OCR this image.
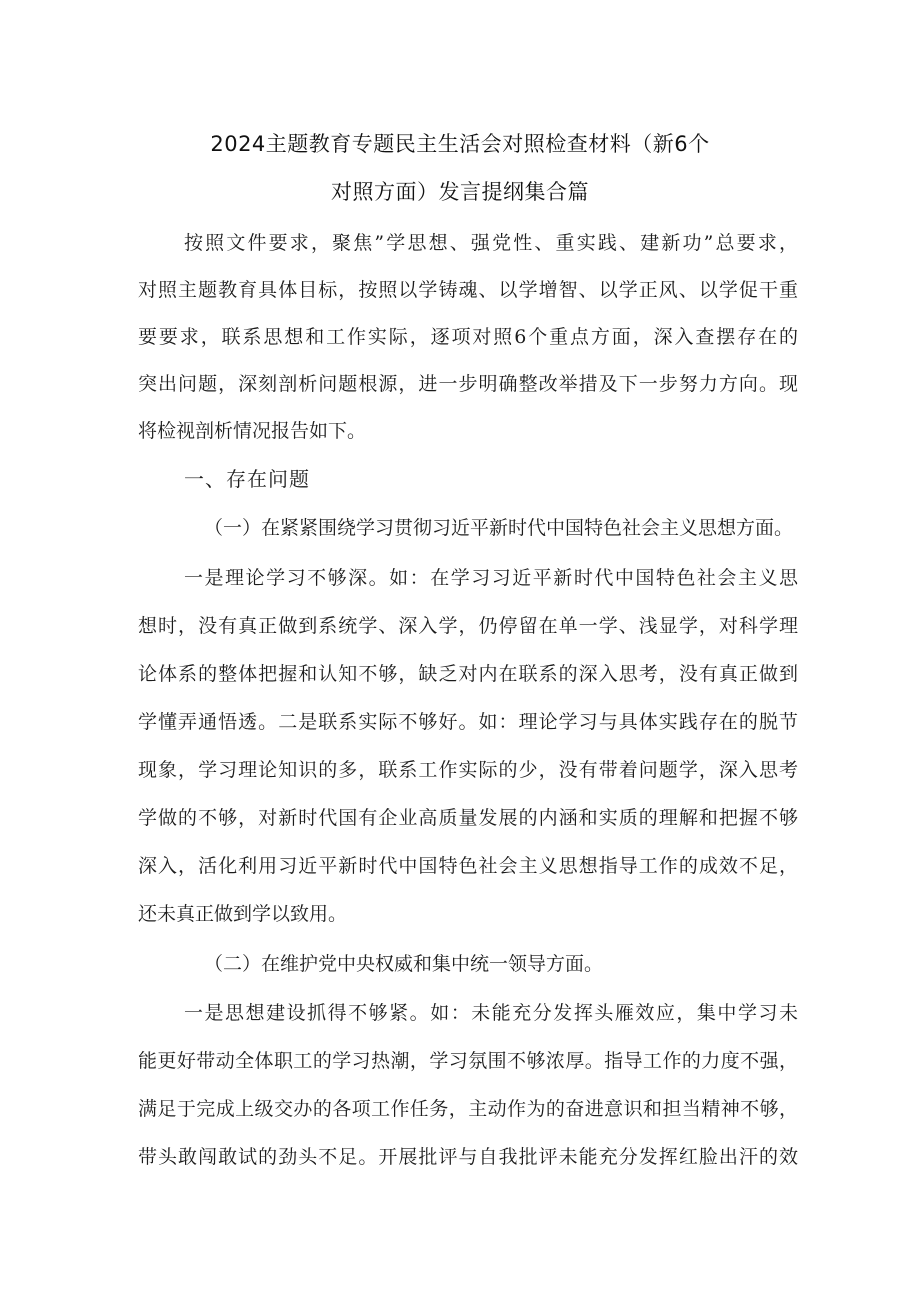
2024主题教育专题民主生活会对照检查材料（新6个
对照方面）发言提纲集合篇
按照文件要求，聚焦”学思想、强党性、重实践、建新功”总要求，
对照主题教育具体目标，按照以学铸魂、以学增智、以学正风、以学促干重
要要求，联系思想和工作实际，逐项对照6个重点方面，深入查摆存在的
突出问题，深刻剖析问题根源，进一步明确整改举措及下一步努力方向。现
将检视剖析情况报告如下。
一、存在问题
（一）在紧紧围绕学习贯彻习近平新时代中国特色社会主义思想方面。
一是理论学习不够深。如：在学习习近平新时代中国特色社会主义思
想时，没有真正做到系统学、深入学，仍停留在单一学、浅显学，对科学理
论体系的整体把握和认知不够，缺乏对内在联系的深入思考，没有真正做到
学懂弄通悟透。二是联系实际不够好。如：理论学习与具体实践存在的脱节
现象，学习理论知识的多，联系工作实际的少，没有带着问题学，深入思考
学做的不够，对新时代国有企业高质量发展的内涵和实质的理解和把握不够
深入，活化利用习近平新时代中国特色社会主义思想指导工作的成效不足，
还未真正做到学以致用。
（二）在维护党中央权威和集中统一领导方面。
一是思想建设抓得不够紧。如：未能充分发挥头雁效应，集中学习未
能更好带动全体职工的学习热潮，学习氛围不够浓厚。指导工作的力度不强，
满足于完成上级交办的各项工作任务，主动作为的奋进意识和担当精神不够，
带头敢闯敢试的劲头不足。开展批评与自我批评未能充分发挥红脸出汗的效
